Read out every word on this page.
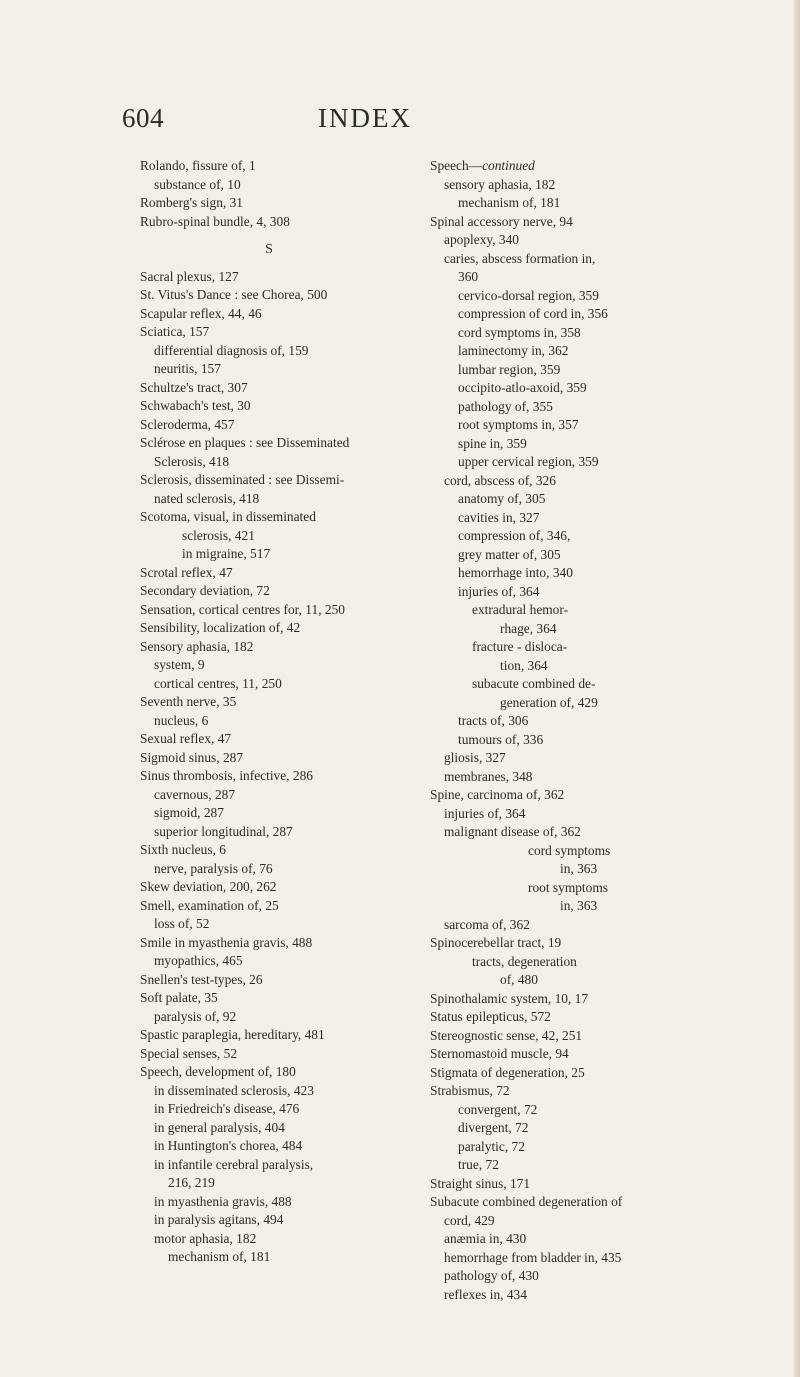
604	INDEX
Rolando, fissure of, 1
substance of, 10
Romberg's sign, 31
Rubro-spinal bundle, 4, 308
S
Sacral plexus, 127
St. Vitus's Dance : see Chorea, 500
Scapular reflex, 44, 46
Sciatica, 157
differential diagnosis of, 159
neuritis, 157
Schultze's tract, 307
Schwabach's test, 30
Scleroderma, 457
Sclérose en plaques : see Disseminated
Sclerosis, 418
Sclerosis, disseminated : see Dissemi-
nated sclerosis, 418
Scotoma, visual, in disseminated
sclerosis, 421
in migraine, 517
Scrotal reflex, 47
Secondary deviation, 72
Sensation, cortical centres for, 11, 250
Sensibility, localization of, 42
Sensory aphasia, 182
system, 9
cortical centres, 11, 250
Seventh nerve, 35
nucleus, 6
Sexual reflex, 47
Sigmoid sinus, 287
Sinus thrombosis, infective, 286
cavernous, 287
sigmoid, 287
superior longitudinal, 287
Sixth nucleus, 6
nerve, paralysis of, 76
Skew deviation, 200, 262
Smell, examination of, 25
loss of, 52
Smile in myasthenia gravis, 488
myopathics, 465
Snellen's test-types, 26
Soft palate, 35
paralysis of, 92
Spastic paraplegia, hereditary, 481
Special senses, 52
Speech, development of, 180
in disseminated sclerosis, 423
in Friedreich's disease, 476
in general paralysis, 404
in Huntington's chorea, 484
in infantile cerebral paralysis,
216, 219
in myasthenia gravis, 488
in paralysis agitans, 494
motor aphasia, 182
mechanism of, 181
Speech—continued
sensory aphasia, 182
mechanism of, 181
Spinal accessory nerve, 94
apoplexy, 340
caries, abscess formation in,
360
cervico-dorsal region, 359
compression of cord in, 356
cord symptoms in, 358
laminectomy in, 362
lumbar region, 359
occipito-atlo-axoid, 359
pathology of, 355
root symptoms in, 357
spine in, 359
upper cervical region, 359
cord, abscess of, 326
anatomy of, 305
cavities in, 327
compression of, 346,
grey matter of, 305
hemorrhage into, 340
injuries of, 364
extradural hemor-
rhage, 364
fracture - disloca-
tion, 364
subacute combined de-
generation of, 429
tracts of, 306
tumours of, 336
gliosis, 327
membranes, 348
Spine, carcinoma of, 362
injuries of, 364
malignant disease of, 362
cord symptoms
in, 363
root symptoms
in, 363
sarcoma of, 362
Spinocerebellar tract, 19
tracts, degeneration
of, 480
Spinothalamic system, 10, 17
Status epilepticus, 572
Stereognostic sense, 42, 251
Sternomastoid muscle, 94
Stigmata of degeneration, 25
Strabismus, 72
convergent, 72
divergent, 72
paralytic, 72
true, 72
Straight sinus, 171
Subacute combined degeneration of
cord, 429
anæmia in, 430
hemorrhage from bladder in, 435
pathology of, 430
reflexes in, 434
